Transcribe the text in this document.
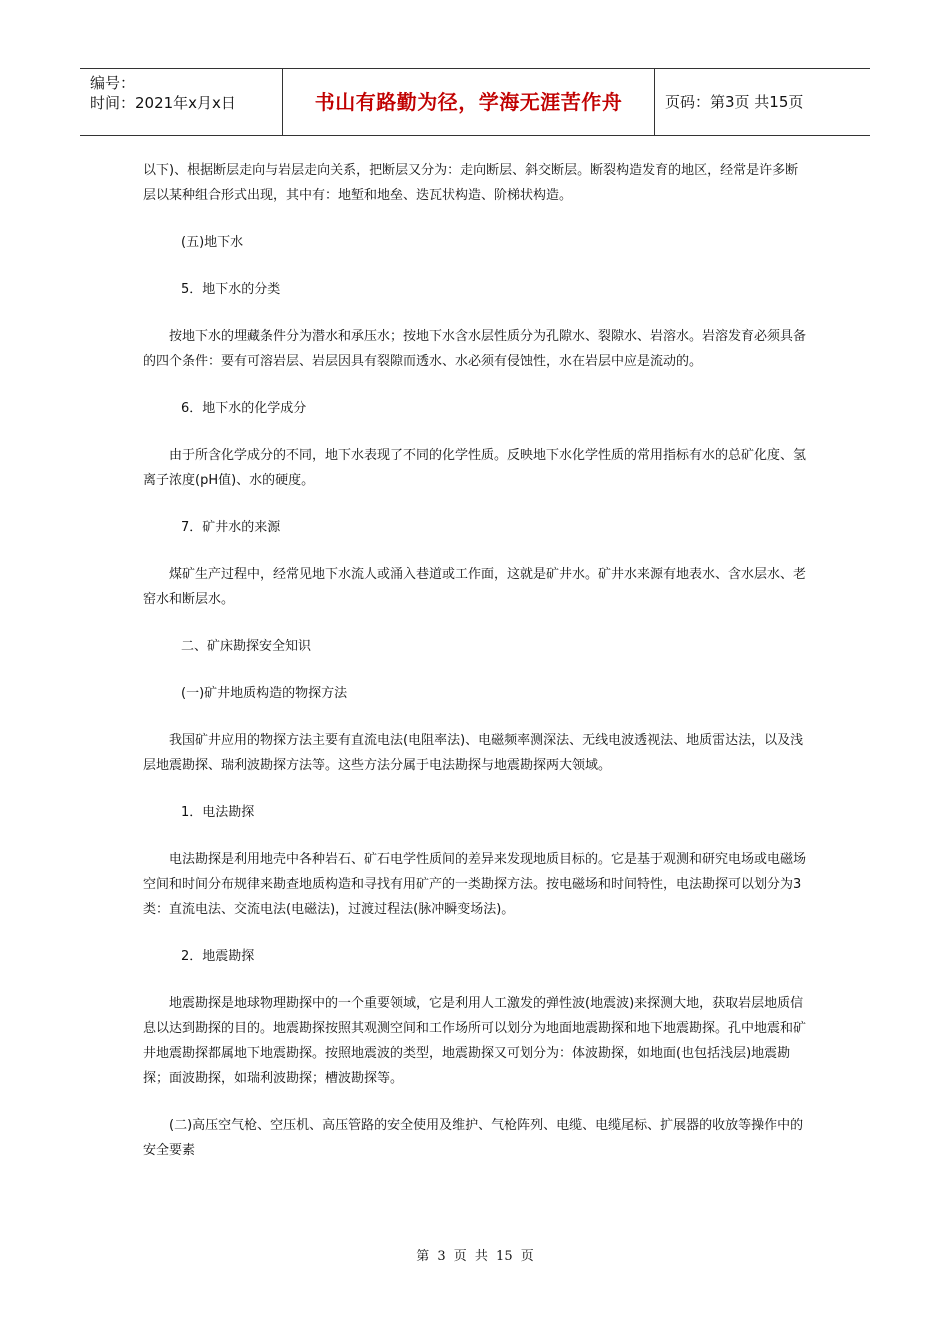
编号：
时间：2021年x月x日	书山有路勤为径，学海无涯苦作舟	页码：第3页 共15页

以下)、根据断层走向与岩层走向关系，把断层又分为：走向断层、斜交断层。断裂构造发育的地区，经常是许多断层以某种组合形式出现，其中有：地堑和地垒、迭瓦状构造、阶梯状构造。

(五)地下水

5．地下水的分类

按地下水的埋藏条件分为潜水和承压水；按地下水含水层性质分为孔隙水、裂隙水、岩溶水。岩溶发育必须具备的四个条件：要有可溶岩层、岩层因具有裂隙而透水、水必须有侵蚀性，水在岩层中应是流动的。

6．地下水的化学成分

由于所含化学成分的不同，地下水表现了不同的化学性质。反映地下水化学性质的常用指标有水的总矿化度、氢离子浓度(pH值)、水的硬度。

7．矿井水的来源

煤矿生产过程中，经常见地下水流人或涌入巷道或工作面，这就是矿井水。矿井水来源有地表水、含水层水、老窑水和断层水。

二、矿床勘探安全知识

(一)矿井地质构造的物探方法

我国矿井应用的物探方法主要有直流电法(电阻率法)、电磁频率测深法、无线电波透视法、地质雷达法，以及浅层地震勘探、瑞利波勘探方法等。这些方法分属于电法勘探与地震勘探两大领域。

1．电法勘探

电法勘探是利用地壳中各种岩石、矿石电学性质间的差异来发现地质目标的。它是基于观测和研究电场或电磁场空间和时间分布规律来勘查地质构造和寻找有用矿产的一类勘探方法。按电磁场和时间特性，电法勘探可以划分为3类：直流电法、交流电法(电磁法)，过渡过程法(脉冲瞬变场法)。

2．地震勘探

地震勘探是地球物理勘探中的一个重要领域，它是利用人工激发的弹性波(地震波)来探测大地，获取岩层地质信息以达到勘探的目的。地震勘探按照其观测空间和工作场所可以划分为地面地震勘探和地下地震勘探。孔中地震和矿井地震勘探都属地下地震勘探。按照地震波的类型，地震勘探又可划分为：体波勘探，如地面(也包括浅层)地震勘探；面波勘探，如瑞利波勘探；槽波勘探等。

(二)高压空气枪、空压机、高压管路的安全使用及维护、气枪阵列、电缆、电缆尾标、扩展器的收放等操作中的安全要素

第 3 页 共 15 页
